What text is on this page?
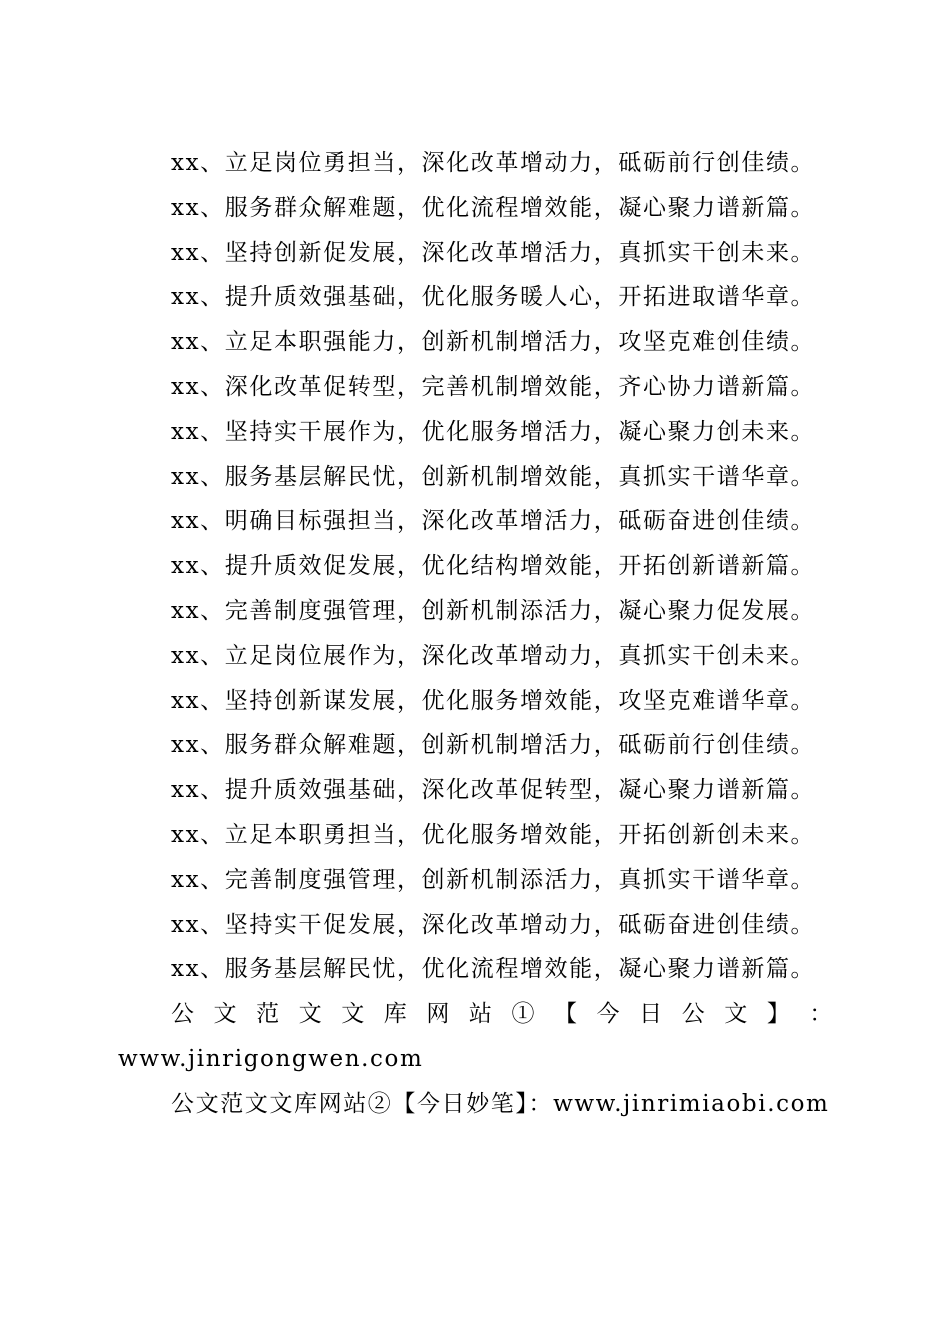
xx、立足岗位勇担当，深化改革增动力，砥砺前行创佳绩。
xx、服务群众解难题，优化流程增效能，凝心聚力谱新篇。
xx、坚持创新促发展，深化改革增活力，真抓实干创未来。
xx、提升质效强基础，优化服务暖人心，开拓进取谱华章。
xx、立足本职强能力，创新机制增活力，攻坚克难创佳绩。
xx、深化改革促转型，完善机制增效能，齐心协力谱新篇。
xx、坚持实干展作为，优化服务增活力，凝心聚力创未来。
xx、服务基层解民忧，创新机制增效能，真抓实干谱华章。
xx、明确目标强担当，深化改革增活力，砥砺奋进创佳绩。
xx、提升质效促发展，优化结构增效能，开拓创新谱新篇。
xx、完善制度强管理，创新机制添活力，凝心聚力促发展。
xx、立足岗位展作为，深化改革增动力，真抓实干创未来。
xx、坚持创新谋发展，优化服务增效能，攻坚克难谱华章。
xx、服务群众解难题，创新机制增活力，砥砺前行创佳绩。
xx、提升质效强基础，深化改革促转型，凝心聚力谱新篇。
xx、立足本职勇担当，优化服务增效能，开拓创新创未来。
xx、完善制度强管理，创新机制添活力，真抓实干谱华章。
xx、坚持实干促发展，深化改革增动力，砥砺奋进创佳绩。
xx、服务基层解民忧，优化流程增效能，凝心聚力谱新篇。
公 文 范 文 文 库 网 站 ① 【 今 日 公 文 】 ：
www.jinrigongwen.com
公文范文文库网站②【今日妙笔】：www.jinrimiaobi.com
